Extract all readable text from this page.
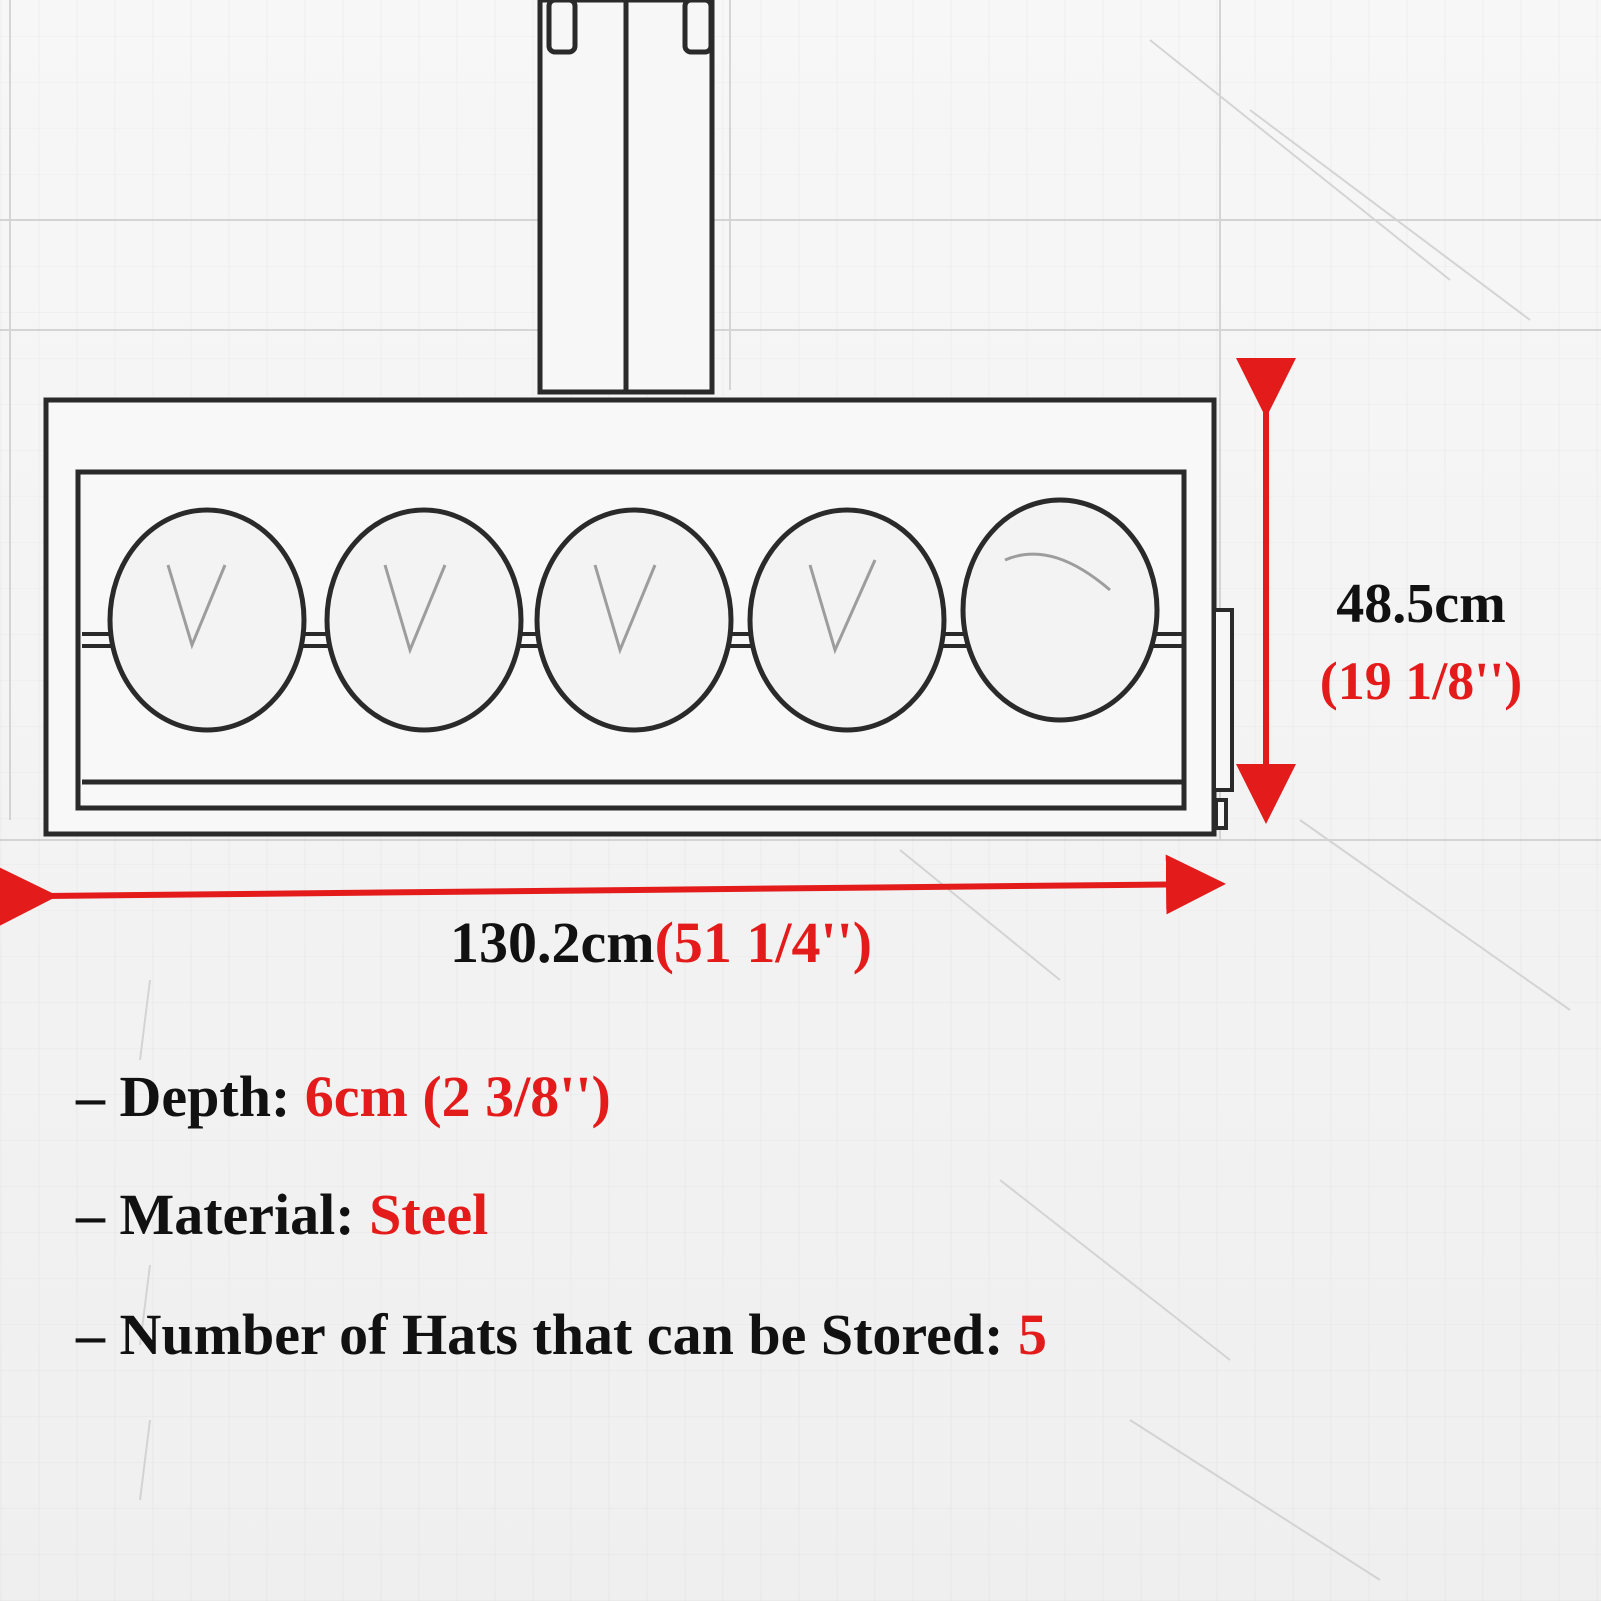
48.5cm
(19 1/8'')
130.2cm(51 1/4'')
– Depth: 6cm (2 3/8'')
– Material: Steel
– Number of Hats that can be Stored: 5
